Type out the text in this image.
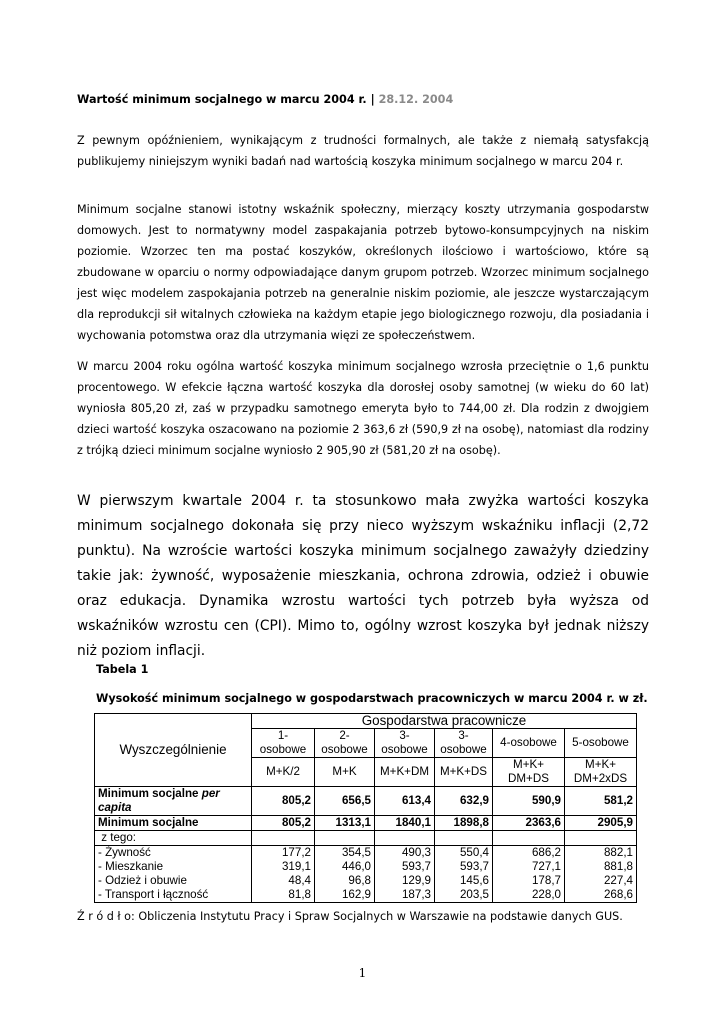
Wartość minimum socjalnego w marcu 2004 r. | 28.12. 2004

Z pewnym opóźnieniem, wynikającym z trudności formalnych, ale także z niemałą satysfakcją publikujemy niniejszym wyniki badań nad wartością koszyka minimum socjalnego w marcu 204 r.

Minimum socjalne stanowi istotny wskaźnik społeczny, mierzący koszty utrzymania gospodarstw domowych. Jest to normatywny model zaspakajania potrzeb bytowo-konsumpcyjnych na niskim poziomie. Wzorzec ten ma postać koszyków, określonych ilościowo i wartościowo, które są zbudowane w oparciu o normy odpowiadające danym grupom potrzeb. Wzorzec minimum socjalnego jest więc modelem zaspokajania potrzeb na generalnie niskim poziomie, ale jeszcze wystarczającym dla reprodukcji sił witalnych człowieka na każdym etapie jego biologicznego rozwoju, dla posiadania i wychowania potomstwa oraz dla utrzymania więzi ze społeczeństwem.

W marcu 2004 roku ogólna wartość koszyka minimum socjalnego wzrosła przeciętnie o 1,6 punktu procentowego. W efekcie łączna wartość koszyka dla dorosłej osoby samotnej (w wieku do 60 lat) wyniosła 805,20 zł, zaś w przypadku samotnego emeryta było to 744,00 zł. Dla rodzin z dwojgiem dzieci wartość koszyka oszacowano na poziomie 2 363,6 zł (590,9 zł na osobę), natomiast dla rodziny z trójką dzieci minimum socjalne wyniosło 2 905,90 zł (581,20 zł na osobę).

W pierwszym kwartale 2004 r. ta stosunkowo mała zwyżka wartości koszyka minimum socjalnego dokonała się przy nieco wyższym wskaźniku inflacji (2,72 punktu). Na wzroście wartości koszyka minimum socjalnego zaważyły dziedziny takie jak: żywność, wyposażenie mieszkania, ochrona zdrowia, odzież i obuwie oraz edukacja. Dynamika wzrostu wartości tych potrzeb była wyższa od wskaźników wzrostu cen (CPI). Mimo to, ogólny wzrost koszyka był jednak niższy niż poziom inflacji.

Tabela 1

Wysokość minimum socjalnego w gospodarstwach pracowniczych w marcu 2004 r. w zł.

Wyszczególnienie	Gospodarstwa pracownicze					
	1-osobowe	2-osobowe	3-osobowe	3-osobowe	4-osobowe	5-osobowe
	M+K/2	M+K	M+K+DM	M+K+DS	M+K+
DM+DS	M+K+
DM+2xDS
Minimum socjalne per capita	805,2	656,5	613,4	632,9	590,9	581,2
Minimum socjalne	805,2	1313,1	1840,1	1898,8	2363,6	2905,9
z tego:						
- Żywność	177,2	354,5	490,3	550,4	686,2	882,1
- Mieszkanie	319,1	446,0	593,7	593,7	727,1	881,8
- Odzież i obuwie	48,4	96,8	129,9	145,6	178,7	227,4
- Transport i łączność	81,8	162,9	187,3	203,5	228,0	268,6

Ź r ó d ł o: Obliczenia Instytutu Pracy i Spraw Socjalnych w Warszawie na podstawie danych GUS.

1
